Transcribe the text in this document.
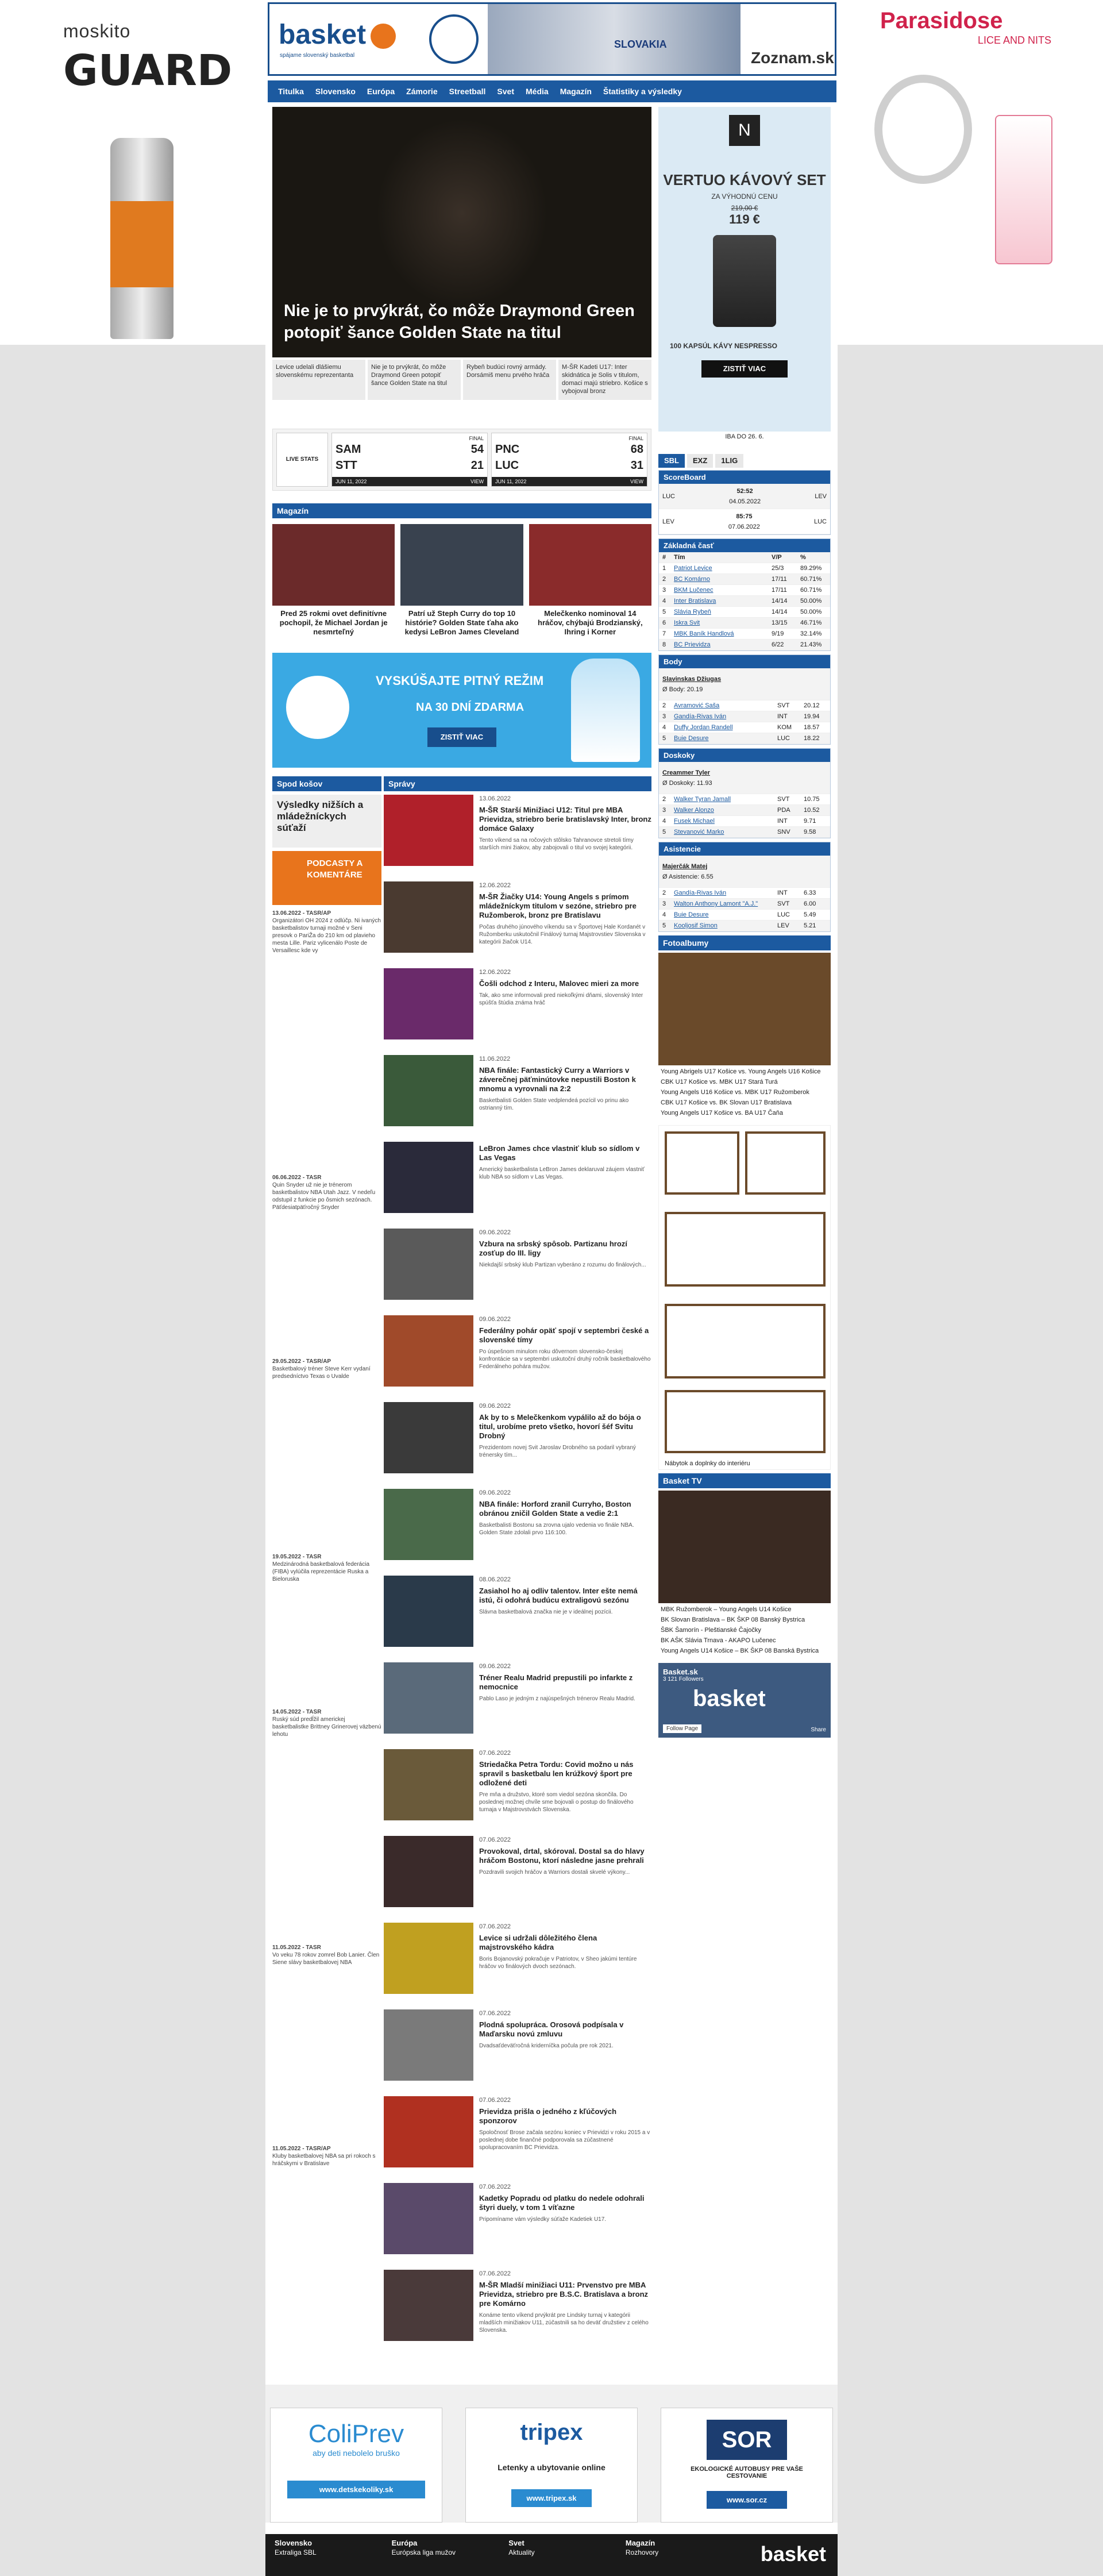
moskito
GUARD
Parasidose
LICE AND NITS
basket
spájame slovenský basketbal
SLOVAKIA
Zoznam.sk
Titulka	Slovensko	Európa	Zámorie	Streetball	Svet	Média	Magazín	Štatistiky a výsledky
Nie je to prvýkrát, čo môže Draymond Green potopiť šance Golden State na titul
Levice udelali dlášiemu slovenskému reprezentanta
Nie je to prvýkrát, čo môže Draymond Green potopiť šance Golden State na titul
Rybeň budúci rovný armády. Dorsámiš menu prvého hráča
M-ŠR Kadeti U17: Inter skidnática je Solis v titulom, domaci majú striebro. Košice s vybojoval bronz
LIVE STATS
FINAL
SAM	54
STT	21
JUN 11, 2022	VIEW
FINAL
PNC	68
LUC	31
JUN 11, 2022	VIEW
Magazín
Pred 25 rokmi ovet definitívne pochopil, že Michael Jordan je nesmrteľný
Patrí už Steph Curry do top 10 histórie? Golden State ťaha ako kedysi LeBron James Cleveland
Melečkenko nominoval 14 hráčov, chýbajú Brodzianský, Ihring i Korner
VYSKÚŠAJTE PITNÝ REŽIM
NA 30 DNÍ ZDARMA
ZISTIŤ VIAC
Spod košov
Výsledky nižších a mládežníckych súťaží
PODCASTY A KOMENTÁRE
13.06.2022 - TASR/AP
Organizátori OH 2024 z odlúčp. Ni ivaných basketbalistov turnaji možné v Seni presovk o PariŽa do 210 km od plavieho mesta Lille. Pariz vylicenálo Poste de Versaillesc kde vy
06.06.2022 - TASR
Quin Snyder už nie je trénerom basketbalistov NBA Utah Jazz. V nedeľu odstupil z funkcie po ôsmich sezónach. Päťdesiatpäťročný Snyder
29.05.2022 - TASR/AP
Basketbalový tréner Steve Kerr vydaní predsedníctvo Texas o Uvalde
19.05.2022 - TASR
Medzinárodná basketbalová federácia (FIBA) vylúčila reprezentácie Ruska a Bieloruska
14.05.2022 - TASR
Ruský súd predĺžil americkej basketbalistke Brittney Grinerovej väzbenú lehotu
11.05.2022 - TASR
Vo veku 78 rokov zomrel Bob Lanier. Člen Siene slávy basketbalovej NBA
11.05.2022 - TASR/AP
Kluby basketbalovej NBA sa pri rokoch s hráčskymi v Bratislave
Správy
13.06.2022
M-ŠR Starší Minižiaci U12: Titul pre MBA Prievidza, striebro berie bratislavský Inter, bronz domáce Galaxy
Tento víkend sa na ročových stôlsko Tahranovce stretoli tímy starších mini žiakov, aby zabojovali o titul vo svojej kategórii.
12.06.2022
M-ŠR Žiačky U14: Young Angels s prímom mládežníckym titulom v sezóne, striebro pre Ružomberok, bronz pre Bratislavu
Počas druhého júnového víkendu sa v Športovej Hale Kordanét v Ružomberku uskutočnil Finálový turnaj Majstrovstiev Slovenska v kategórii žiačok U14.
12.06.2022
Čošli odchod z Interu, Malovec mieri za more
Tak, ako sme informovali pred niekoľkými dňami, slovenský Inter spúšťa štúdia známa hráč
11.06.2022
NBA finále: Fantastický Curry a Warriors v záverečnej päťminútovke nepustili Boston k mnomu a vyrovnali na 2:2
Basketbalisti Golden State vedplendeá pozícil vo prinu ako ostrianný tím.
LeBron James chce vlastniť klub so sídlom v Las Vegas
Americký basketbalista LeBron James deklaruval záujem vlastniť klub NBA so sídlom v Las Vegas.
09.06.2022
Vzbura na srbský spôsob. Partizanu hrozí zosťup do III. ligy
Niekdajší srbský klub Partizan vyberáno z rozumu do finálových...
09.06.2022
Federálny pohár opäť spojí v septembri české a slovenské tímy
Po úspešnom minulom roku dôvernom slovensko-českej konfrontácie sa v septembri uskutoční druhý ročník basketbalového Federálneho pohára mužov.
09.06.2022
Ak by to s Melečkenkom vypálilo až do bója o titul, urobíme preto všetko, hovorí šéf Svitu Drobný
Prezidentom novej Svit Jaroslav Drobného sa podaril vybraný trénersky tím...
09.06.2022
NBA finále: Horford zranil Curryho, Boston obránou zničil Golden State a vedie 2:1
Basketbalisti Bostonu sa zrovna ujalo vedenia vo finále NBA. Golden State zdolali prvo 116:100.
08.06.2022
Zasiahol ho aj odliv talentov. Inter ešte nemá istú, či odohrá budúcu extraligovú sezónu
Slávna basketbalová značka nie je v ideálnej pozícii.
09.06.2022
Tréner Realu Madrid prepustili po infarkte z nemocnice
Pablo Laso je jedným z najúspešných trénerov Realu Madrid.
07.06.2022
Striedačka Petra Tordu: Covid možno u nás spravil s basketbalu len krúžkový šport pre odložené deti
Pre mňa a družstvo, ktoré som viedol sezóna skončila. Do poslednej možnej chvíle sme bojovali o postup do finálového turnaja v Majstrovstvách Slovenska.
07.06.2022
Provokoval, drtal, skóroval. Dostal sa do hlavy hráčom Bostonu, ktorí následne jasne prehrali
Pozdravili svojich hráčov a Warriors dostali skvelé výkony...
07.06.2022
Levice si udržali dôležitého člena majstrovského kádra
Boris Bojanovský pokračuje v Patriotov, v Sheo jakúmi tentúre hráčov vo finálových dvoch sezónach.
07.06.2022
Plodná spolupráca. Orosová podpísala v Maďarsku novú zmluvu
Dvadsaťdeväťročná kriderníčka počula pre rok 2021.
07.06.2022
Prievidza prišla o jedného z kľúčových sponzorov
Spoločnosť Brose začala sezónu koniec v Prievidzi v roku 2015 a v poslednej dobe finančné podporovala sa zúčastnené spolupracovaním BC Prievidza.
07.06.2022
Kadetky Popradu od platku do nedele odohrali štyri duely, v tom 1 víťazne
Pripomíname vám výsledky súťaže Kadetiek U17.
07.06.2022
M-ŠR Mladší minižiaci U11: Prvenstvo pre MBA Prievidza, striebro pre B.S.C. Bratislava a bronz pre Komárno
Konáme tento víkend prvýkrát pre Lindsky turnaj v kategórii mladších minižiakov U11, zúčastnili sa ho deväť družstiev z celého Slovenska.
N
VERTUO KÁVOVÝ SET
ZA VÝHODNÚ CENU
219,00 €
119 €
100 KAPSÚL KÁVY NESPRESSO
ZISTIŤ VIAC
IBA DO 26. 6.
SBL	EXZ	1LIG
ScoreBoard
LUC
52:52
04.05.2022
LEV
LEV
85:75
07.06.2022
LUC
Základná časť
#	Tím	V/P	%
1	Patriot Levice	25/3	89.29%
2	BC Komárno	17/11	60.71%
3	BKM Lučenec	17/11	60.71%
4	Inter Bratislava	14/14	50.00%
5	Slávia Rybeň	14/14	50.00%
6	Iskra Svit	13/15	46.71%
7	MBK Baník Handlová	9/19	32.14%
8	BC Prievidza	6/22	21.43%
Body
Slavinskas Džiugas
Ø Body: 20.19
2	Avramović Saša	SVT	20.12
3	Gandía-Rivas Iván	INT	19.94
4	Duffy Jordan Randell	KOM	18.57
5	Buie Desure	LUC	18.22
Doskoky
Creammer Tyler
Ø Doskoky: 11.93
2	Walker Tyran Jamall	SVT	10.75
3	Walker Alonzo	PDA	10.52
4	Fusek Michael	INT	9.71
5	Stevanović Marko	SNV	9.58
Asistencie
Majerčák Matej
Ø Asistencie: 6.55
2	Gandía-Rivas Iván	INT	6.33
3	Walton Anthony Lamont "A.J."	SVT	6.00
4	Buie Desure	LUC	5.49
5	Kooljosif Simon	LEV	5.21
Fotoalbumy
Young Abrigels U17 Košice vs. Young Angels U16 Košice
CBK U17 Košice vs. MBK U17 Stará Turá
Young Angels U16 Košice vs. MBK U17 Ružomberok
CBK U17 Košice vs. BK Slovan U17 Bratislava
Young Angels U17 Košice vs. BA U17 Čaňa
Nábytok a doplnky do interiéru
Basket TV
MBK Ružomberok – Young Angels U14 Košice
BK Slovan Bratislava – BK ŠKP 08 Banský Bystrica
ŠBK Šamorín - Pleštianské Čajočky
BK AŠK Slávia Trnava - AKAPO Lučenec
Young Angels U14 Košice – BK ŠKP 08 Banská Bystrica
Basket.sk
3 121 Followers
basket
Follow Page	Share
ColiPrev
aby deti nebolelo bruško
www.detskekoliky.sk
tripex
Letenky a ubytovanie online
www.tripex.sk
SOR
EKOLOGICKÉ AUTOBUSY PRE VAŠE CESTOVANIE
www.sor.cz
Slovensko
Extraliga SBL
Európa
Európska liga mužov
Svet
Aktuality
Magazín
Rozhovory	basket
